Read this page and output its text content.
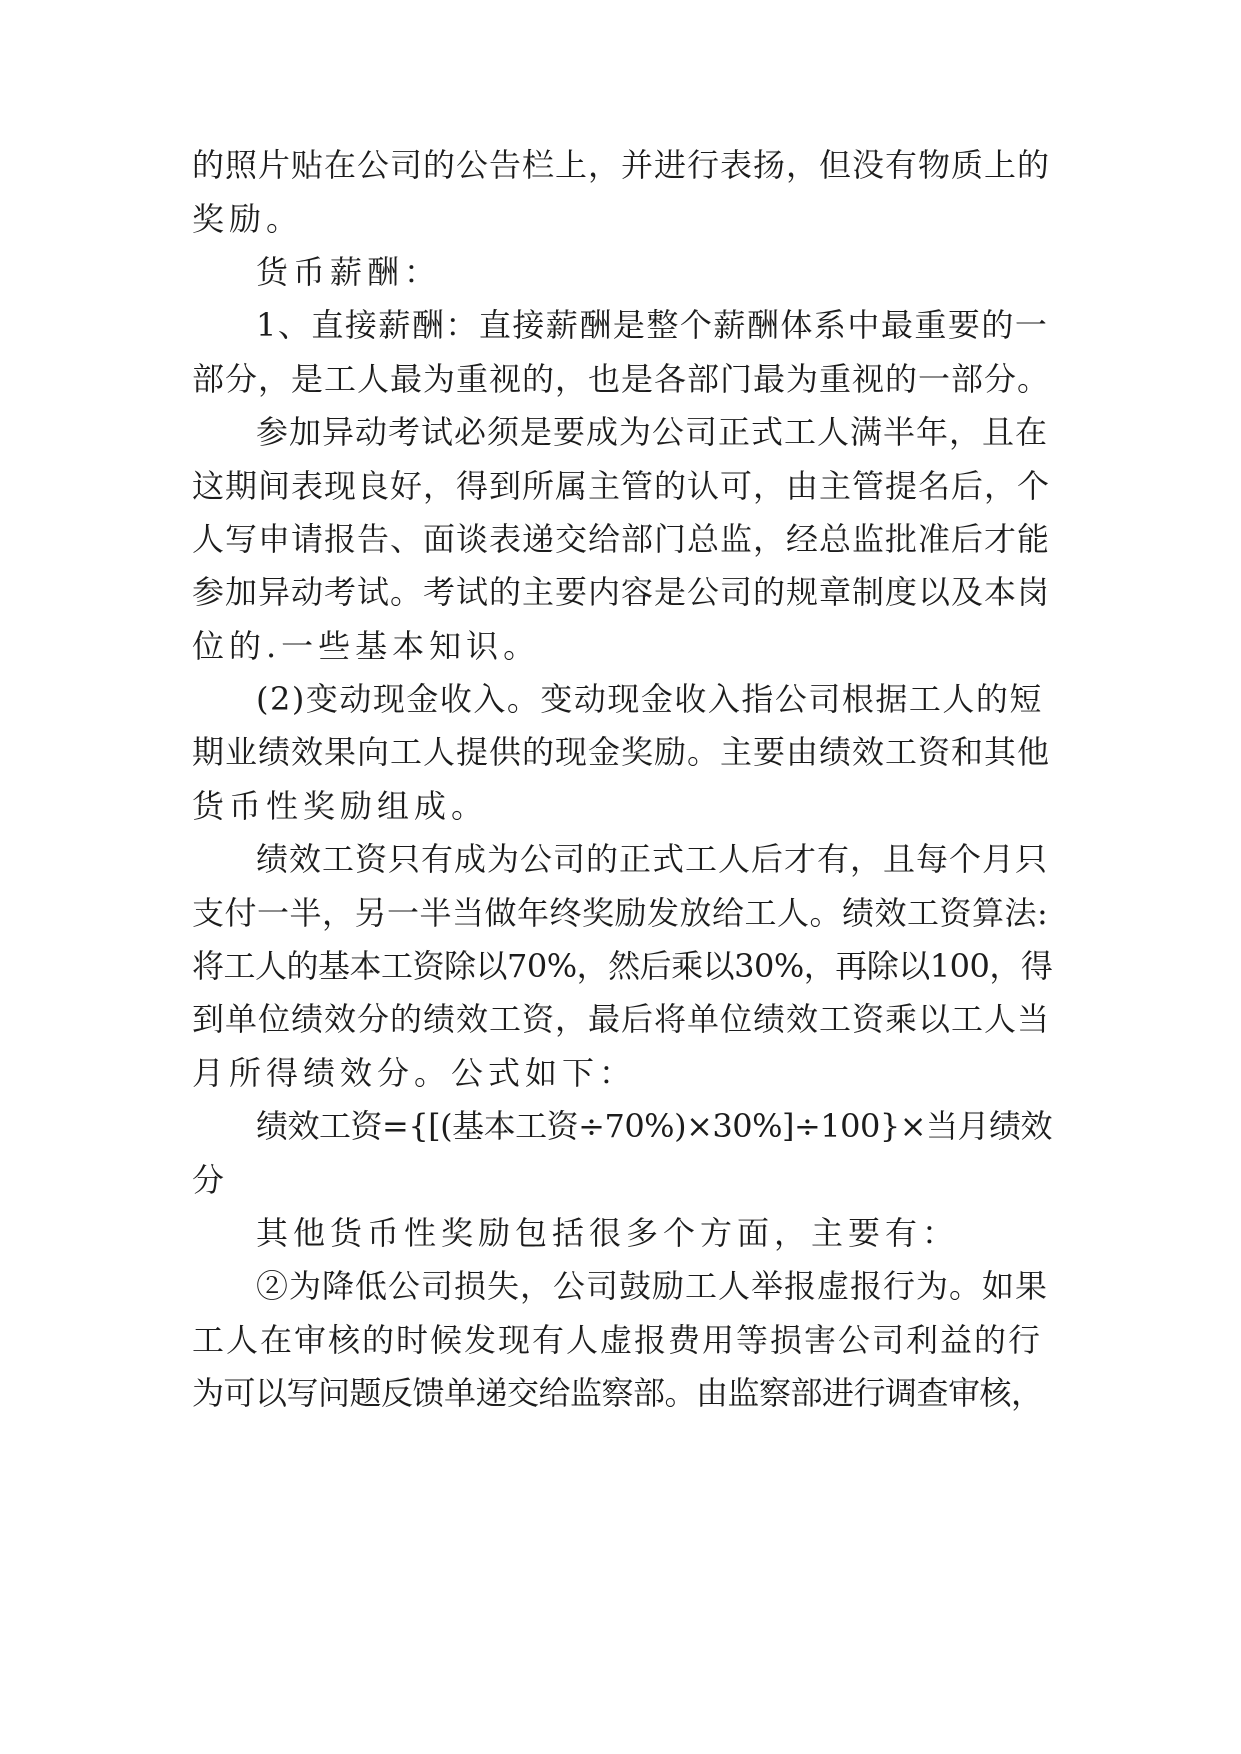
的照片贴在公司的公告栏上，并进行表扬，但没有物质上的
奖励。
货币薪酬：
1、直接薪酬：直接薪酬是整个薪酬体系中最重要的一
部分，是工人最为重视的，也是各部门最为重视的一部分。
参加异动考试必须是要成为公司正式工人满半年，且在
这期间表现良好，得到所属主管的认可，由主管提名后，个
人写申请报告、面谈表递交给部门总监，经总监批准后才能
参加异动考试。考试的主要内容是公司的规章制度以及本岗
位的.一些基本知识。
(2)变动现金收入。变动现金收入指公司根据工人的短
期业绩效果向工人提供的现金奖励。主要由绩效工资和其他
货币性奖励组成。
绩效工资只有成为公司的正式工人后才有，且每个月只
支付一半，另一半当做年终奖励发放给工人。绩效工资算法:
将工人的基本工资除以70%，然后乘以30%，再除以100，得
到单位绩效分的绩效工资，最后将单位绩效工资乘以工人当
月所得绩效分。公式如下：
绩效工资={[(基本工资÷70%)×30%]÷100}×当月绩效
分
其他货币性奖励包括很多个方面，主要有：
②为降低公司损失，公司鼓励工人举报虚报行为。如果
工人在审核的时候发现有人虚报费用等损害公司利益的行
为可以写问题反馈单递交给监察部。由监察部进行调查审核，
